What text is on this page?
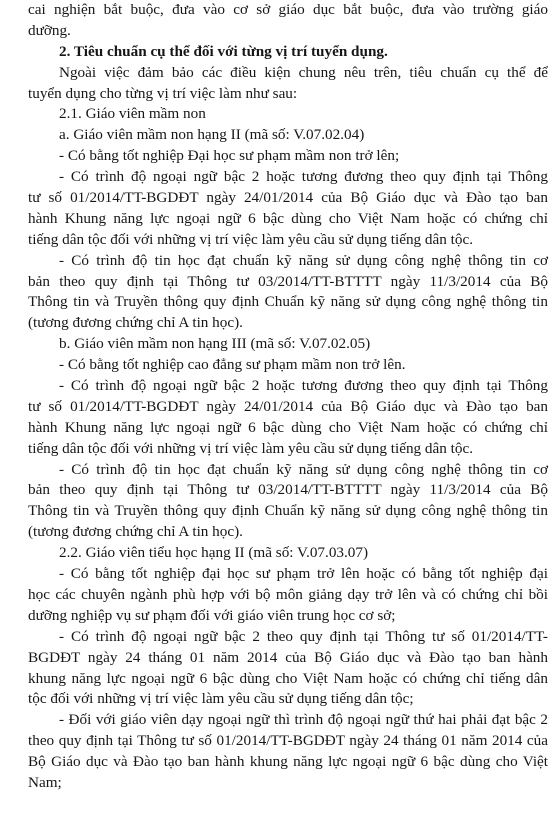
cai nghiện bắt buộc, đưa vào cơ sở giáo dục bắt buộc, đưa vào trường giáo
dưỡng.
2. Tiêu chuẩn cụ thể đối với từng vị trí tuyển dụng.
Ngoài việc đảm bảo các điều kiện chung nêu trên, tiêu chuẩn cụ thể để
tuyển dụng cho từng vị trí việc làm như sau:
2.1. Giáo viên mầm non
a. Giáo viên mầm non hạng II (mã số: V.07.02.04)
- Có bằng tốt nghiệp Đại học sư phạm mầm non trở lên;
- Có trình độ ngoại ngữ bậc 2 hoặc tương đương theo quy định tại Thông
tư số 01/2014/TT-BGDĐT ngày 24/01/2014 của Bộ Giáo dục và Đào tạo ban
hành Khung năng lực ngoại ngữ 6 bậc dùng cho Việt Nam hoặc có chứng chỉ
tiếng dân tộc đối với những vị trí việc làm yêu cầu sử dụng tiếng dân tộc.
- Có trình độ tin học đạt chuẩn kỹ năng sử dụng công nghệ thông tin cơ
bản theo quy định tại Thông tư 03/2014/TT-BTTTT ngày 11/3/2014 của Bộ
Thông tin và Truyền thông quy định Chuẩn kỹ năng sử dụng công nghệ thông tin
(tương đương chứng chỉ A tin học).
b. Giáo viên mầm non hạng III (mã số: V.07.02.05)
- Có bằng tốt nghiệp cao đẳng sư phạm mầm non trở lên.
- Có trình độ ngoại ngữ bậc 2 hoặc tương đương theo quy định tại Thông
tư số 01/2014/TT-BGDĐT ngày 24/01/2014 của Bộ Giáo dục và Đào tạo ban
hành Khung năng lực ngoại ngữ 6 bậc dùng cho Việt Nam hoặc có chứng chỉ
tiếng dân tộc đối với những vị trí việc làm yêu cầu sử dụng tiếng dân tộc.
- Có trình độ tin học đạt chuẩn kỹ năng sử dụng công nghệ thông tin cơ
bản theo quy định tại Thông tư 03/2014/TT-BTTTT ngày 11/3/2014 của Bộ
Thông tin và Truyền thông quy định Chuẩn kỹ năng sử dụng công nghệ thông tin
(tương đương chứng chỉ A tin học).
2.2. Giáo viên tiểu học hạng II (mã số: V.07.03.07)
- Có bằng tốt nghiệp đại học sư phạm trở lên hoặc có bằng tốt nghiệp đại
học các chuyên ngành phù hợp với bộ môn giảng dạy trở lên và có chứng chỉ bồi
dưỡng nghiệp vụ sư phạm đối với giáo viên trung học cơ sở;
- Có trình độ ngoại ngữ bậc 2 theo quy định tại Thông tư số 01/2014/TT-
BGDĐT ngày 24 tháng 01 năm 2014 của Bộ Giáo dục và Đào tạo ban hành
khung năng lực ngoại ngữ 6 bậc dùng cho Việt Nam hoặc có chứng chỉ tiếng dân
tộc đối với những vị trí việc làm yêu cầu sử dụng tiếng dân tộc;
- Đối với giáo viên dạy ngoại ngữ thì trình độ ngoại ngữ thứ hai phải đạt bậc 2
theo quy định tại Thông tư số 01/2014/TT-BGDĐT ngày 24 tháng 01 năm 2014 của
Bộ Giáo dục và Đào tạo ban hành khung năng lực ngoại ngữ 6 bậc dùng cho Việt
Nam;
